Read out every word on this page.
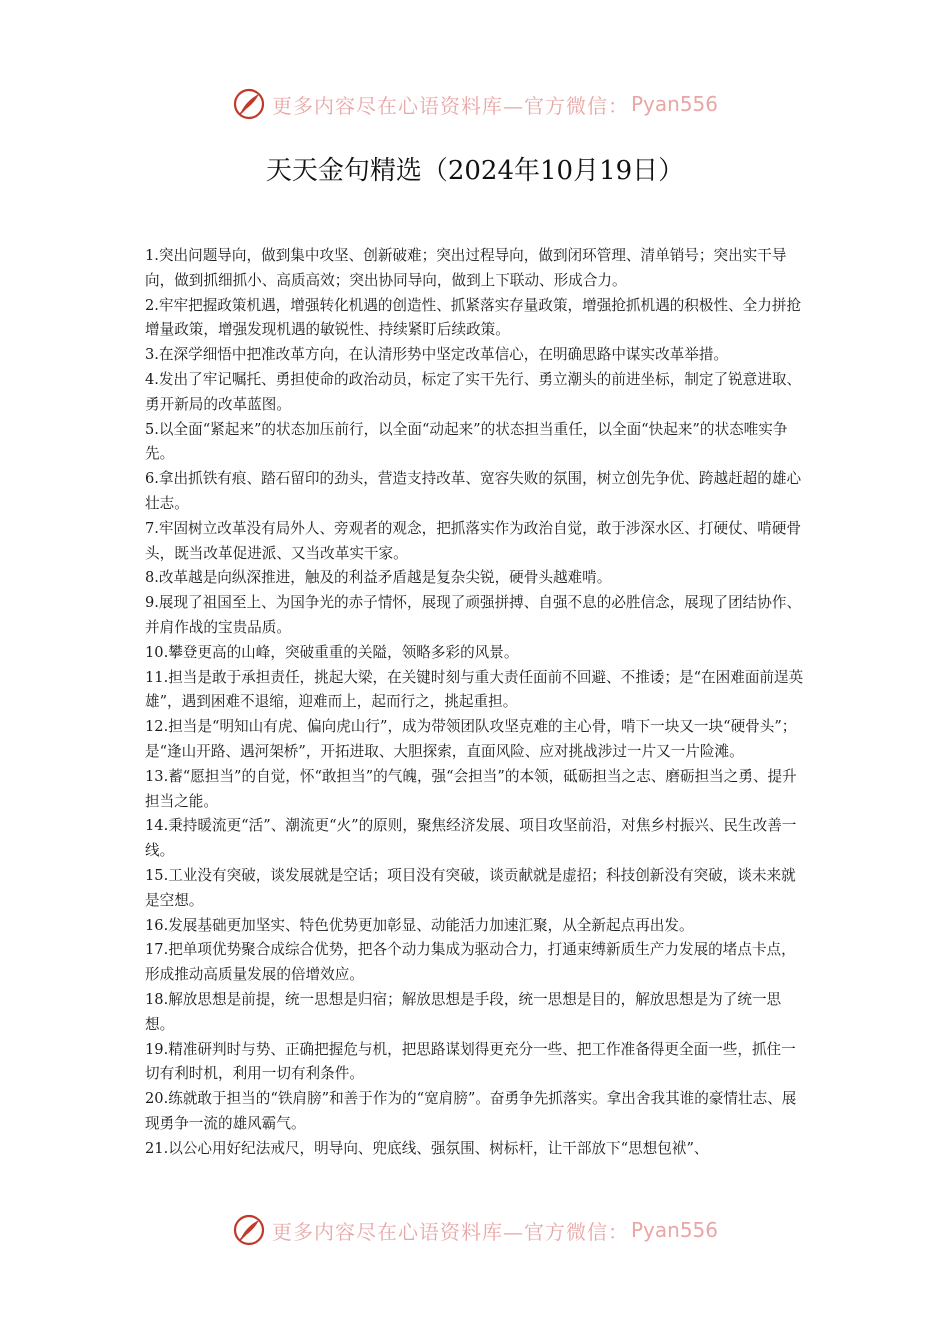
更多内容尽在心语资料库—官方微信： Pyan556
天天金句精选（2024年10月19日）

1.突出问题导向，做到集中攻坚、创新破难；突出过程导向，做到闭环管理、清单销号；突出实干导向，做到抓细抓小、高质高效；突出协同导向，做到上下联动、形成合力。

2.牢牢把握政策机遇，增强转化机遇的创造性、抓紧落实存量政策，增强抢抓机遇的积极性、全力拼抢增量政策，增强发现机遇的敏锐性、持续紧盯后续政策。

3.在深学细悟中把准改革方向，在认清形势中坚定改革信心，在明确思路中谋实改革举措。

4.发出了牢记嘱托、勇担使命的政治动员，标定了实干先行、勇立潮头的前进坐标，制定了锐意进取、勇开新局的改革蓝图。

5.以全面“紧起来”的状态加压前行，以全面“动起来”的状态担当重任，以全面“快起来”的状态唯实争先。

6.拿出抓铁有痕、踏石留印的劲头，营造支持改革、宽容失败的氛围，树立创先争优、跨越赶超的雄心壮志。

7.牢固树立改革没有局外人、旁观者的观念，把抓落实作为政治自觉，敢于涉深水区、打硬仗、啃硬骨头，既当改革促进派、又当改革实干家。

8.改革越是向纵深推进，触及的利益矛盾越是复杂尖锐，硬骨头越难啃。

9.展现了祖国至上、为国争光的赤子情怀，展现了顽强拼搏、自强不息的必胜信念，展现了团结协作、并肩作战的宝贵品质。

10.攀登更高的山峰，突破重重的关隘，领略多彩的风景。

11.担当是敢于承担责任，挑起大梁，在关键时刻与重大责任面前不回避、不推诿；是“在困难面前逞英雄”，遇到困难不退缩，迎难而上，起而行之，挑起重担。

12.担当是“明知山有虎、偏向虎山行”，成为带领团队攻坚克难的主心骨，啃下一块又一块“硬骨头”；是“逢山开路、遇河架桥”，开拓进取、大胆探索，直面风险、应对挑战涉过一片又一片险滩。

13.蓄“愿担当”的自觉，怀“敢担当”的气魄，强“会担当”的本领，砥砺担当之志、磨砺担当之勇、提升担当之能。

14.秉持暖流更“活”、潮流更“火”的原则，聚焦经济发展、项目攻坚前沿，对焦乡村振兴、民生改善一线。

15.工业没有突破，谈发展就是空话；项目没有突破，谈贡献就是虚招；科技创新没有突破，谈未来就是空想。

16.发展基础更加坚实、特色优势更加彰显、动能活力加速汇聚，从全新起点再出发。

17.把单项优势聚合成综合优势，把各个动力集成为驱动合力，打通束缚新质生产力发展的堵点卡点，形成推动高质量发展的倍增效应。

18.解放思想是前提，统一思想是归宿；解放思想是手段，统一思想是目的，解放思想是为了统一思想。

19.精准研判时与势、正确把握危与机，把思路谋划得更充分一些、把工作准备得更全面一些，抓住一切有利时机，利用一切有利条件。

20.练就敢于担当的“铁肩膀”和善于作为的“宽肩膀”。奋勇争先抓落实。拿出舍我其谁的豪情壮志、展现勇争一流的雄风霸气。

21.以公心用好纪法戒尺，明导向、兜底线、强氛围、树标杆，让干部放下“思想包袱”、

更多内容尽在心语资料库—官方微信： Pyan556
